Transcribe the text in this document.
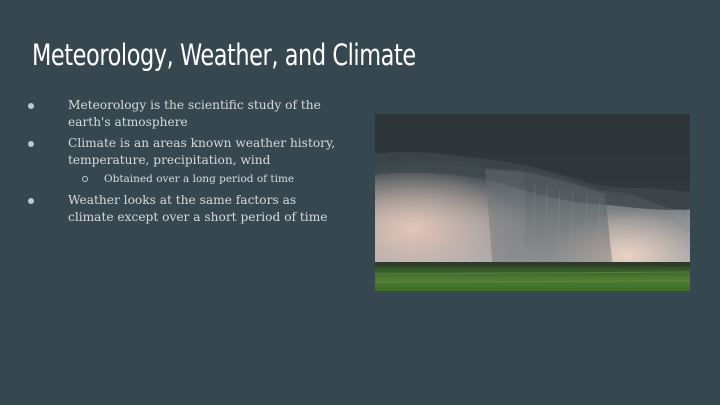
Meteorology, Weather, and Climate
Meteorology is the scientific study of the earth's atmosphere
Climate is an areas known weather history, temperature, precipitation, wind
Obtained over a long period of time
Weather looks at the same factors as climate except over a short period of time
